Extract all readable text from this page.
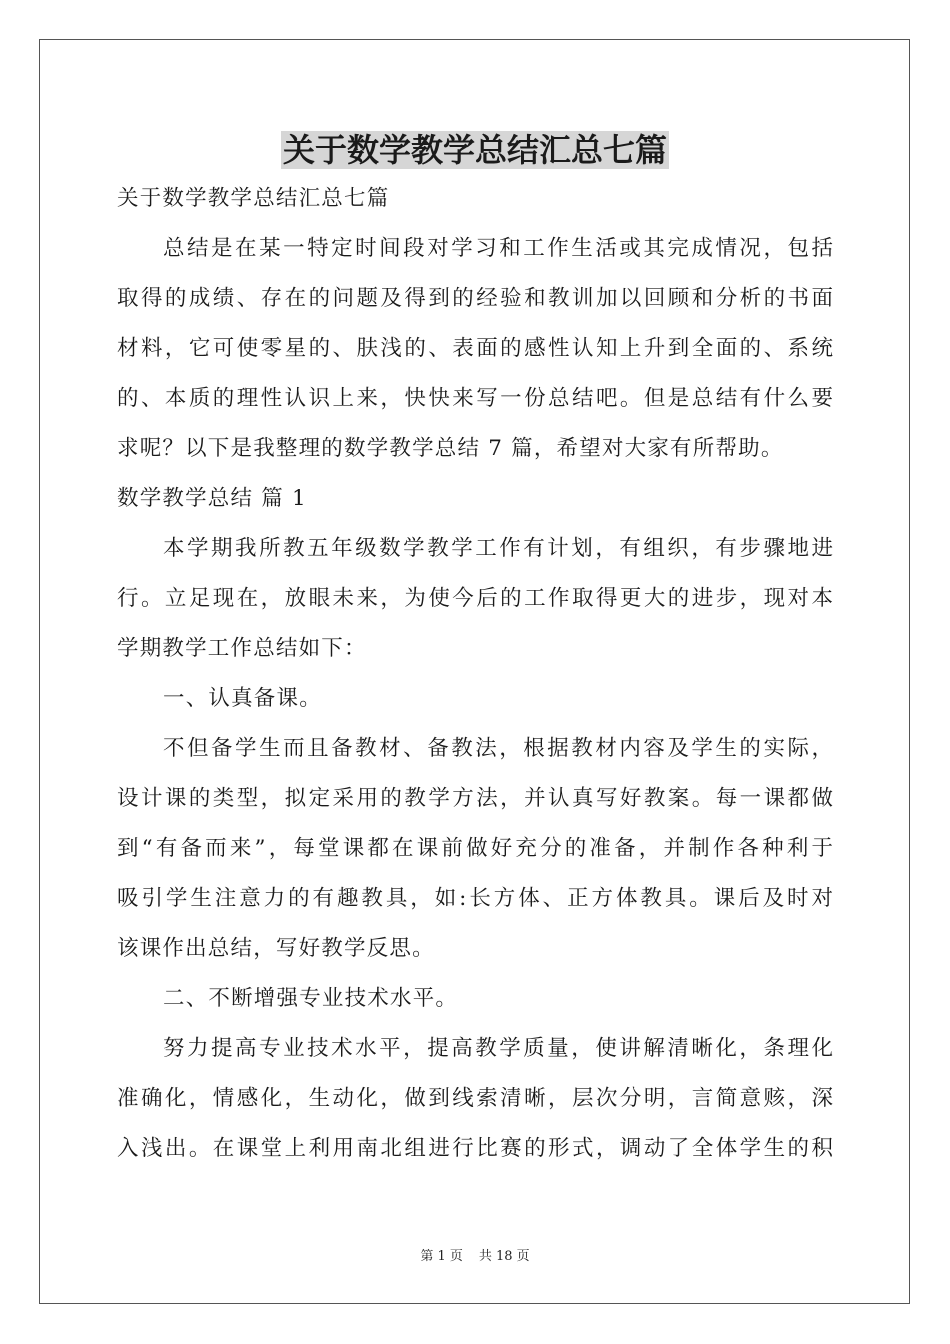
关于数学教学总结汇总七篇
关于数学教学总结汇总七篇
总结是在某一特定时间段对学习和工作生活或其完成情况，包括
取得的成绩、存在的问题及得到的经验和教训加以回顾和分析的书面
材料，它可使零星的、肤浅的、表面的感性认知上升到全面的、系统
的、本质的理性认识上来，快快来写一份总结吧。但是总结有什么要
求呢？以下是我整理的数学教学总结 7 篇，希望对大家有所帮助。
数学教学总结 篇 1
本学期我所教五年级数学教学工作有计划，有组织，有步骤地进
行。立足现在，放眼未来，为使今后的工作取得更大的进步，现对本
学期教学工作总结如下：
一、认真备课。
不但备学生而且备教材、备教法，根据教材内容及学生的实际，
设计课的类型，拟定采用的教学方法，并认真写好教案。每一课都做
到“有备而来”，每堂课都在课前做好充分的准备，并制作各种利于
吸引学生注意力的有趣教具，如:长方体、正方体教具。课后及时对
该课作出总结，写好教学反思。
二、不断增强专业技术水平。
努力提高专业技术水平，提高教学质量，使讲解清晰化，条理化
准确化，情感化，生动化，做到线索清晰，层次分明，言简意赅，深
入浅出。在课堂上利用南北组进行比赛的形式，调动了全体学生的积
第 1 页 共 18 页
